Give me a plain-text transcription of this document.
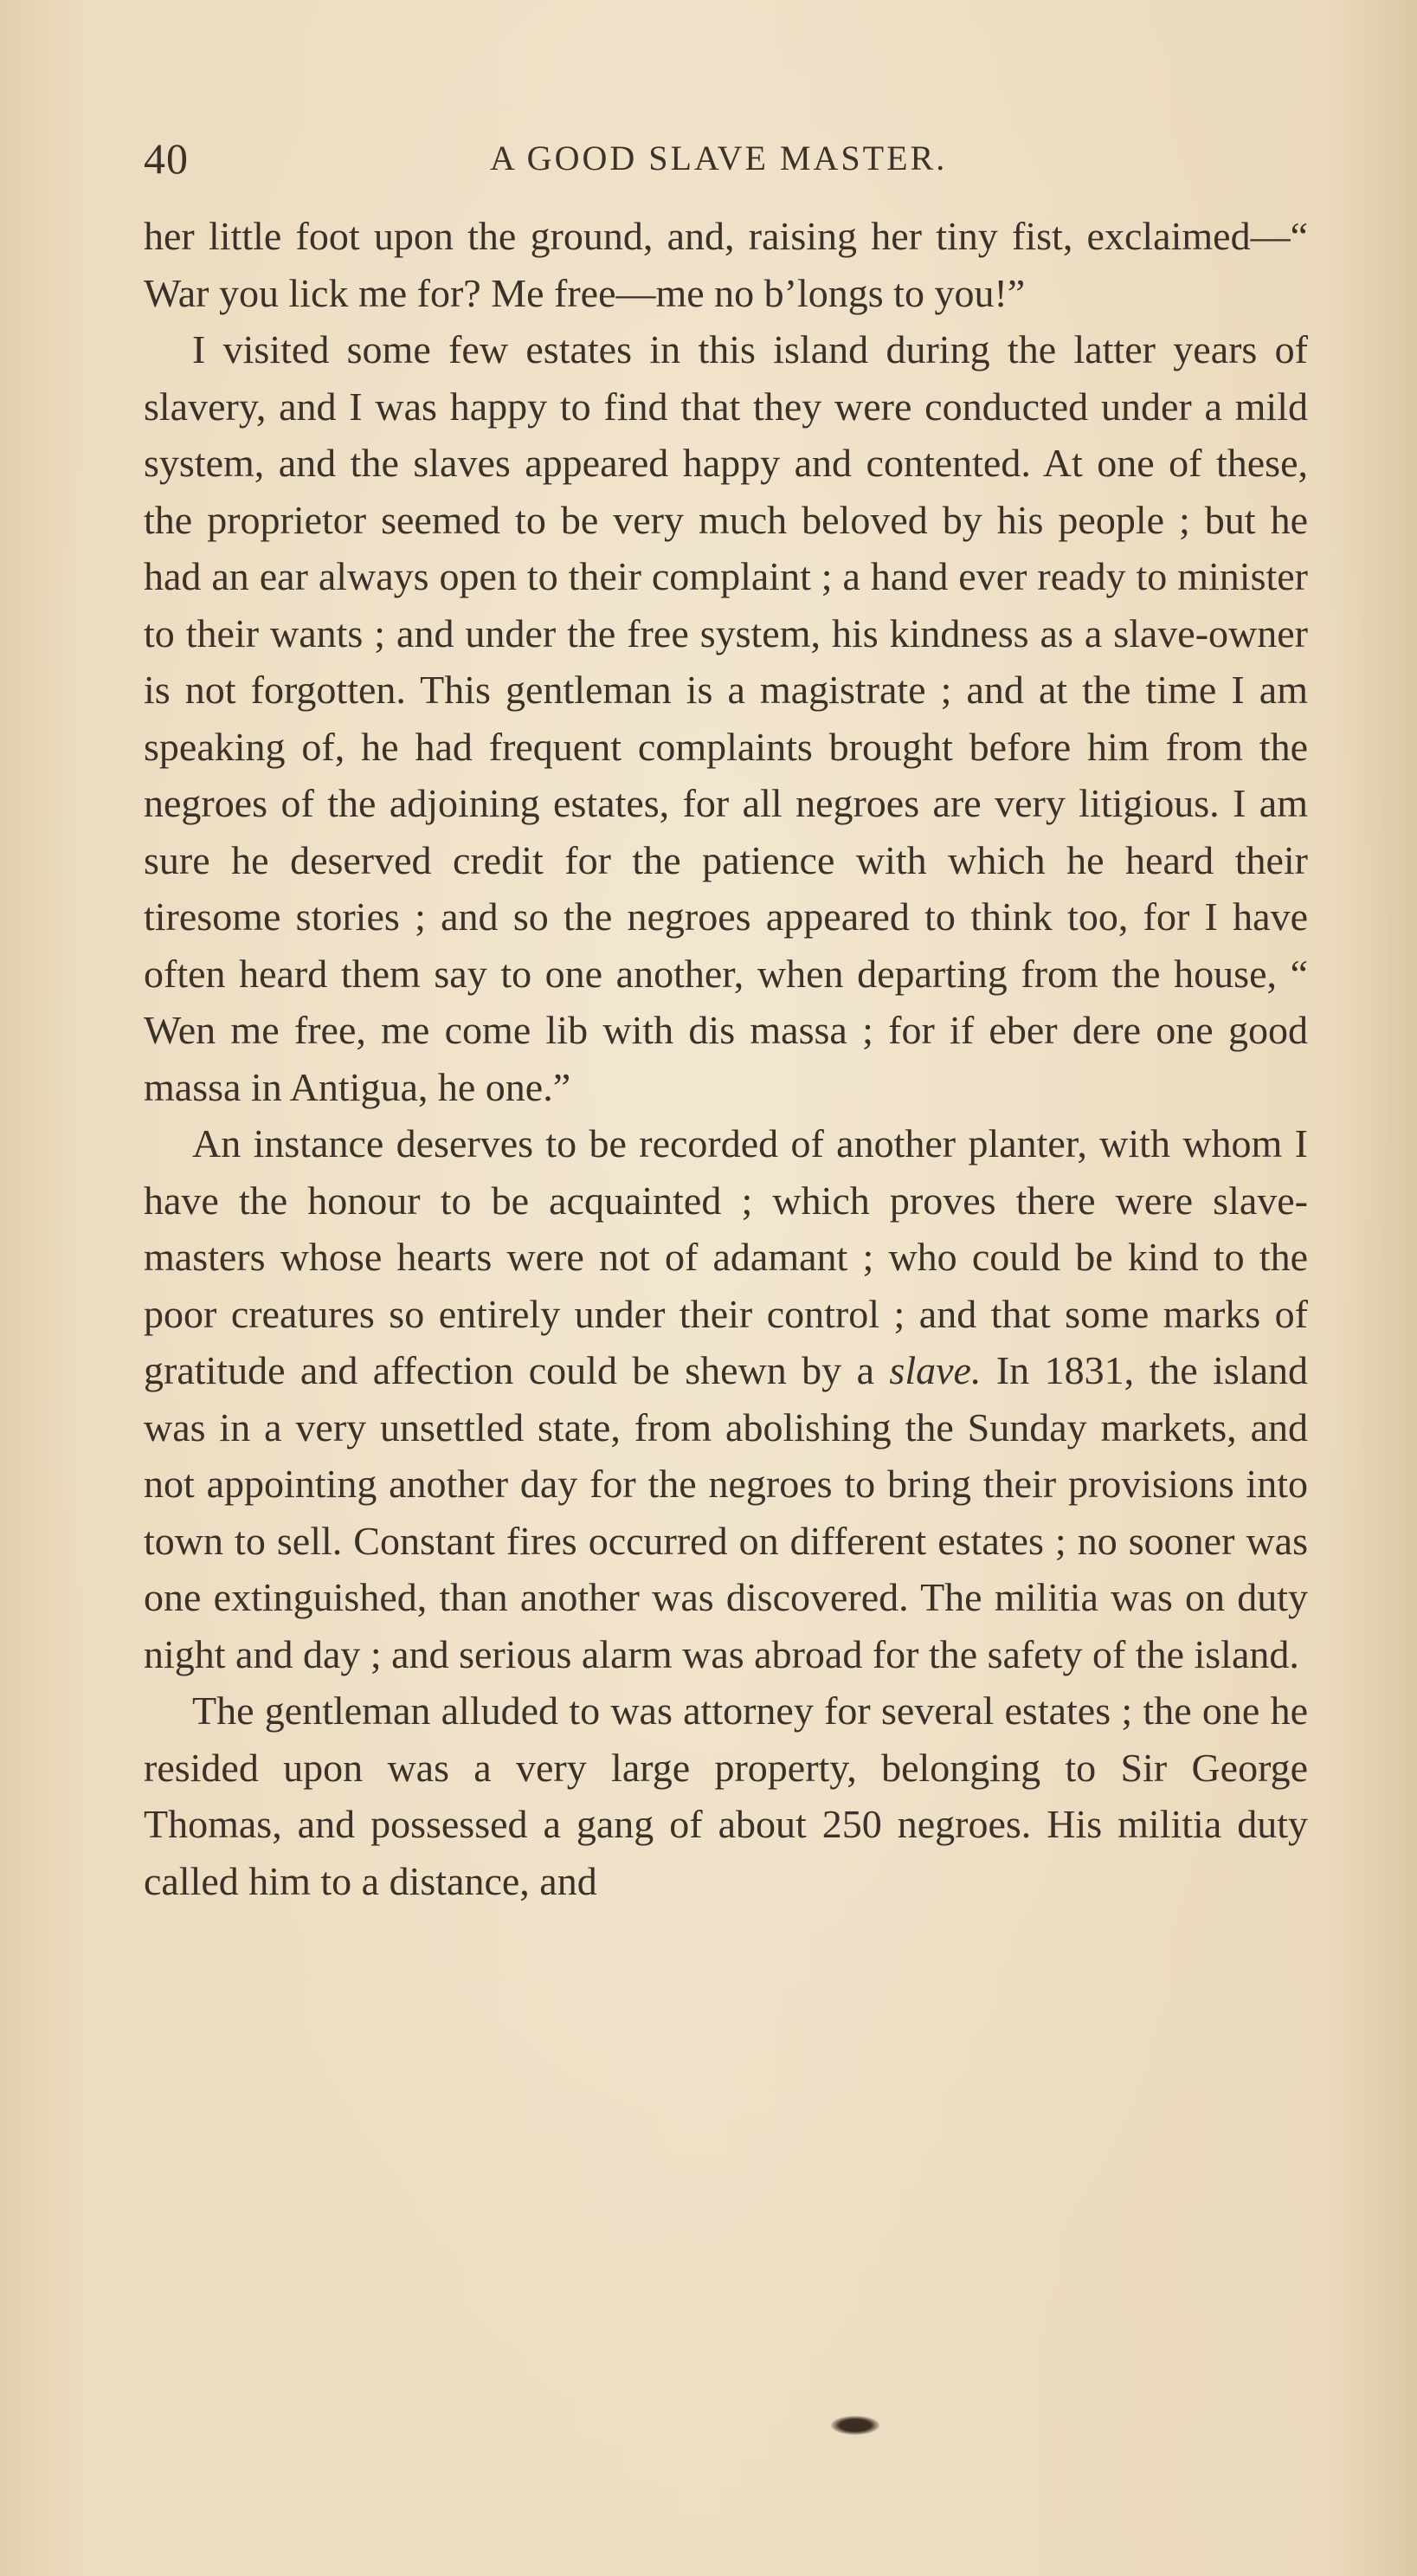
40	A GOOD SLAVE MASTER.

her little foot upon the ground, and, raising her tiny fist, exclaimed—“ War you lick me for? Me free—me no b’longs to you!”

I visited some few estates in this island during the latter years of slavery, and I was happy to find that they were conducted under a mild system, and the slaves appeared happy and contented. At one of these, the proprietor seemed to be very much beloved by his people ; but he had an ear always open to their complaint ; a hand ever ready to minister to their wants ; and under the free system, his kindness as a slave-owner is not forgotten. This gentleman is a magistrate ; and at the time I am speaking of, he had frequent complaints brought before him from the negroes of the adjoining estates, for all negroes are very litigious. I am sure he deserved credit for the patience with which he heard their tiresome stories ; and so the negroes appeared to think too, for I have often heard them say to one another, when departing from the house, “ Wen me free, me come lib with dis massa ; for if eber dere one good massa in Antigua, he one.”

An instance deserves to be recorded of another planter, with whom I have the honour to be acquainted ; which proves there were slave-masters whose hearts were not of adamant ; who could be kind to the poor creatures so entirely under their control ; and that some marks of gratitude and affection could be shewn by a slave. In 1831, the island was in a very unsettled state, from abolishing the Sunday markets, and not appointing another day for the negroes to bring their provisions into town to sell. Constant fires occurred on different estates ; no sooner was one extinguished, than another was discovered. The militia was on duty night and day ; and serious alarm was abroad for the safety of the island.

The gentleman alluded to was attorney for several estates ; the one he resided upon was a very large property, belonging to Sir George Thomas, and possessed a gang of about 250 negroes. His militia duty called him to a distance, and
